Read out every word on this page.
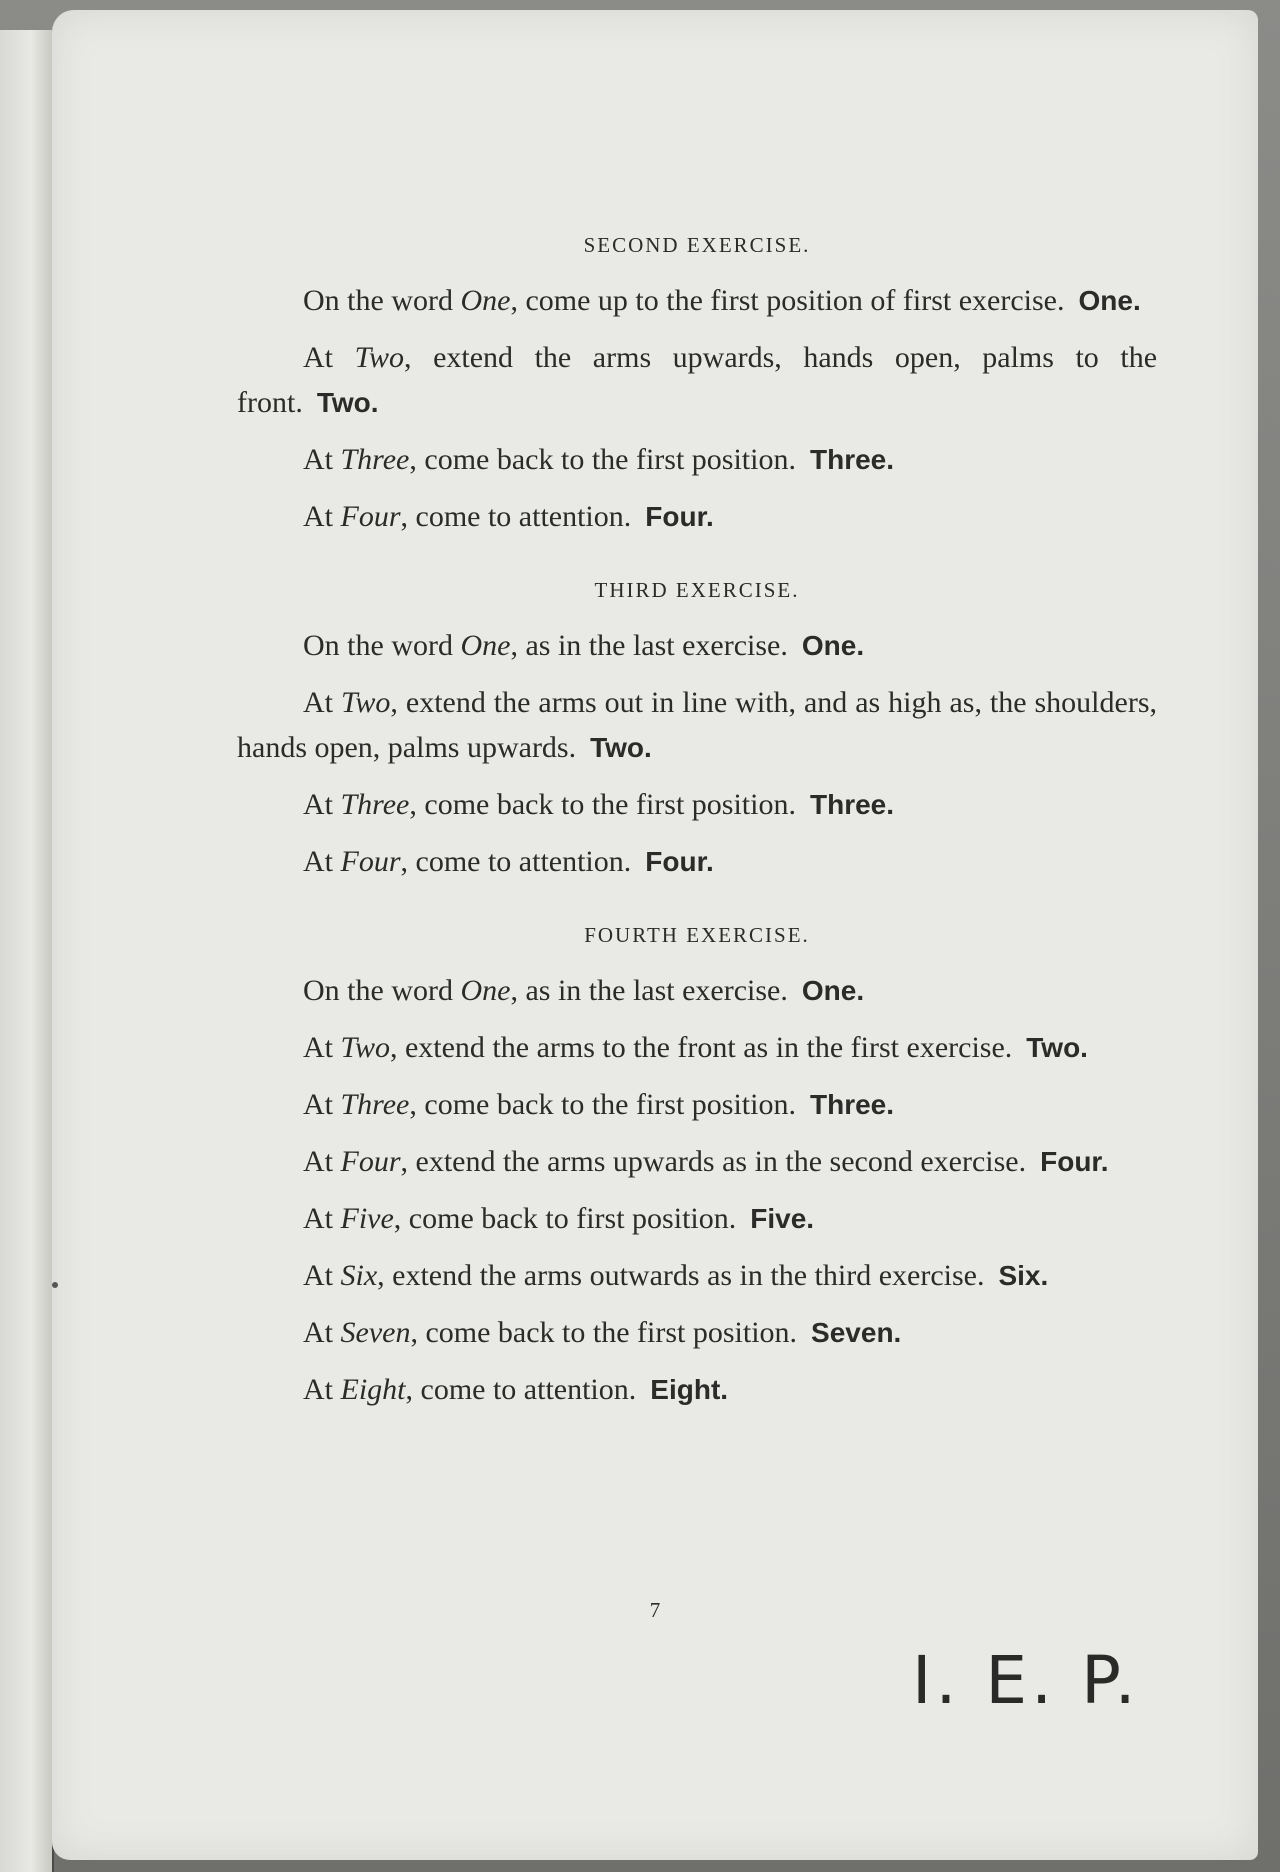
SECOND EXERCISE.

On the word One, come up to the first position of first exercise. One.

At Two, extend the arms upwards, hands open, palms to the front. Two.

At Three, come back to the first position. Three.

At Four, come to attention. Four.

THIRD EXERCISE.

On the word One, as in the last exercise. One.

At Two, extend the arms out in line with, and as high as, the shoulders, hands open, palms upwards. Two.

At Three, come back to the first position. Three.

At Four, come to attention. Four.

FOURTH EXERCISE.

On the word One, as in the last exercise. One.

At Two, extend the arms to the front as in the first exercise. Two.

At Three, come back to the first position. Three.

At Four, extend the arms upwards as in the second exercise. Four.

At Five, come back to first position. Five.

At Six, extend the arms outwards as in the third exercise. Six.

At Seven, come back to the first position. Seven.

At Eight, come to attention. Eight.

7
I. E. P.
